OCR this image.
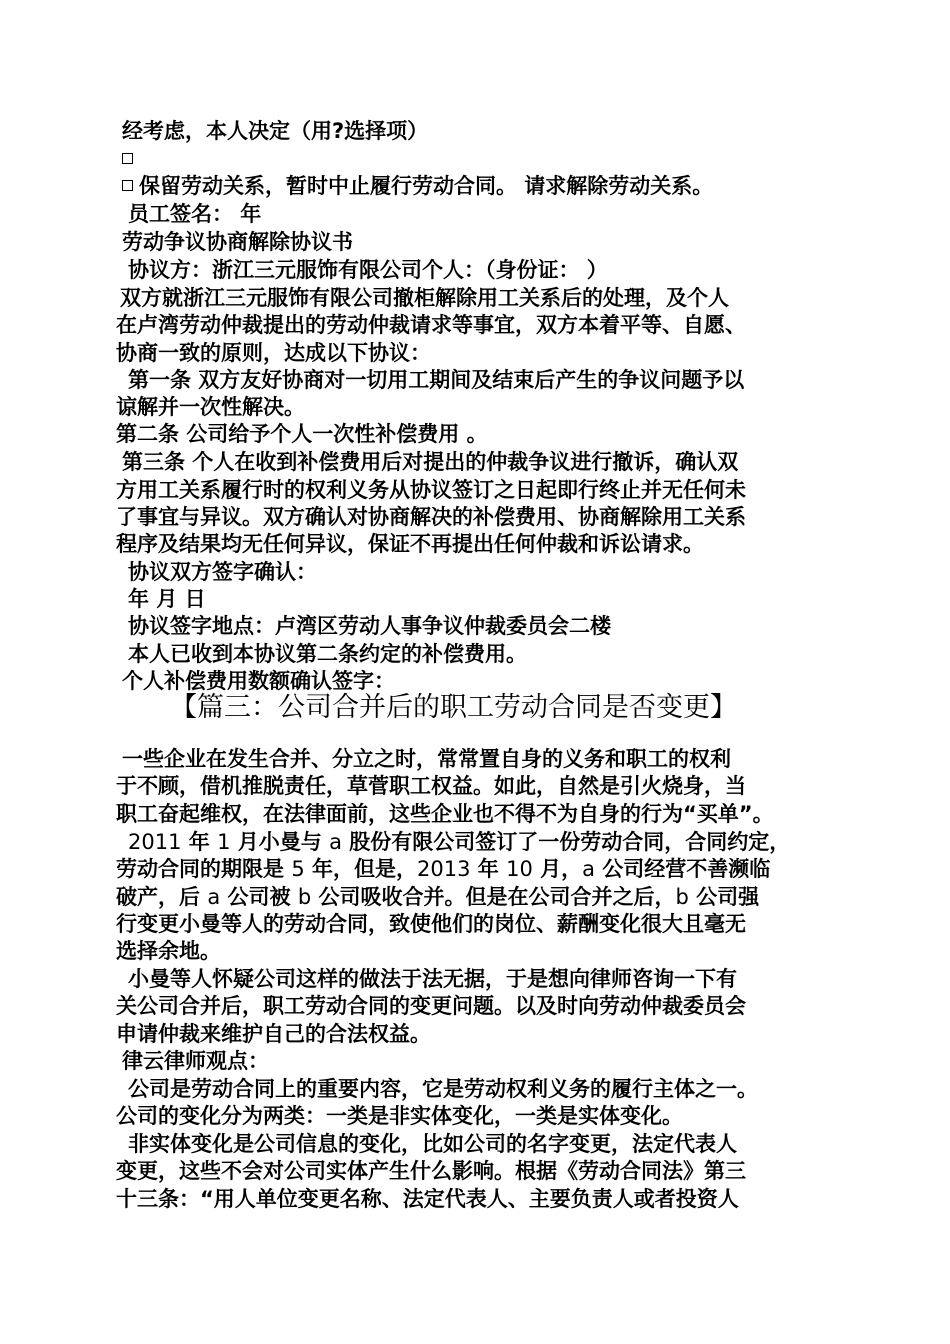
经考虑，本人决定（用?选择项）
保留劳动关系，暂时中止履行劳动合同。 请求解除劳动关系。
员工签名： 年
劳动争议协商解除协议书
协议方：浙江三元服饰有限公司个人：（身份证： ）
双方就浙江三元服饰有限公司撤柜解除用工关系后的处理，及个人
在卢湾劳动仲裁提出的劳动仲裁请求等事宜，双方本着平等、自愿、
协商一致的原则，达成以下协议：
第一条 双方友好协商对一切用工期间及结束后产生的争议问题予以
谅解并一次性解决。
第二条 公司给予个人一次性补偿费用 。
第三条 个人在收到补偿费用后对提出的仲裁争议进行撤诉，确认双
方用工关系履行时的权利义务从协议签订之日起即行终止并无任何未
了事宜与异议。双方确认对协商解决的补偿费用、协商解除用工关系
程序及结果均无任何异议，保证不再提出任何仲裁和诉讼请求。
协议双方签字确认：
年 月 日
协议签字地点：卢湾区劳动人事争议仲裁委员会二楼
本人已收到本协议第二条约定的补偿费用。
个人补偿费用数额确认签字：
【篇三：公司合并后的职工劳动合同是否变更】
一些企业在发生合并、分立之时，常常置自身的义务和职工的权利
于不顾，借机推脱责任，草菅职工权益。如此，自然是引火烧身，当
职工奋起维权，在法律面前，这些企业也不得不为自身的行为“买单”。
2011 年 1 月小曼与 a 股份有限公司签订了一份劳动合同，合同约定，
劳动合同的期限是 5 年，但是，2013 年 10 月，a 公司经营不善濒临
破产，后 a 公司被 b 公司吸收合并。但是在公司合并之后，b 公司强
行变更小曼等人的劳动合同，致使他们的岗位、薪酬变化很大且毫无
选择余地。
小曼等人怀疑公司这样的做法于法无据，于是想向律师咨询一下有
关公司合并后，职工劳动合同的变更问题。以及时向劳动仲裁委员会
申请仲裁来维护自己的合法权益。
律云律师观点：
公司是劳动合同上的重要内容，它是劳动权利义务的履行主体之一。
公司的变化分为两类：一类是非实体变化，一类是实体变化。
非实体变化是公司信息的变化，比如公司的名字变更，法定代表人
变更，这些不会对公司实体产生什么影响。根据《劳动合同法》第三
十三条：“用人单位变更名称、法定代表人、主要负责人或者投资人
